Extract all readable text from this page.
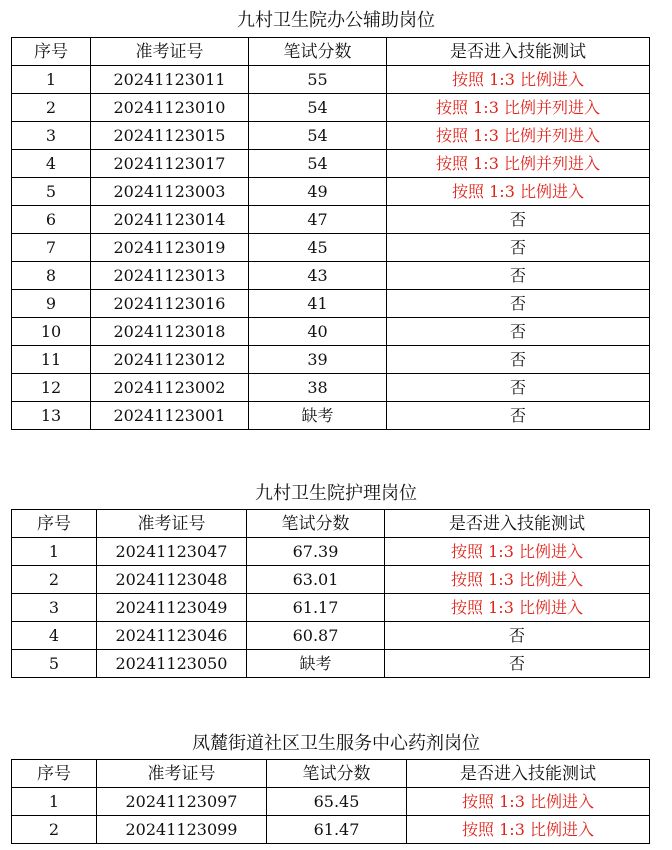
九村卫生院办公辅助岗位
序号	准考证号	笔试分数	是否进入技能测试
1	20241123011	55	按照 1:3 比例进入
2	20241123010	54	按照 1:3 比例并列进入
3	20241123015	54	按照 1:3 比例并列进入
4	20241123017	54	按照 1:3 比例并列进入
5	20241123003	49	按照 1:3 比例进入
6	20241123014	47	否
7	20241123019	45	否
8	20241123013	43	否
9	20241123016	41	否
10	20241123018	40	否
11	20241123012	39	否
12	20241123002	38	否
13	20241123001	缺考	否
九村卫生院护理岗位
序号	准考证号	笔试分数	是否进入技能测试
1	20241123047	67.39	按照 1:3 比例进入
2	20241123048	63.01	按照 1:3 比例进入
3	20241123049	61.17	按照 1:3 比例进入
4	20241123046	60.87	否
5	20241123050	缺考	否
凤麓街道社区卫生服务中心药剂岗位
序号	准考证号	笔试分数	是否进入技能测试
1	20241123097	65.45	按照 1:3 比例进入
2	20241123099	61.47	按照 1:3 比例进入
